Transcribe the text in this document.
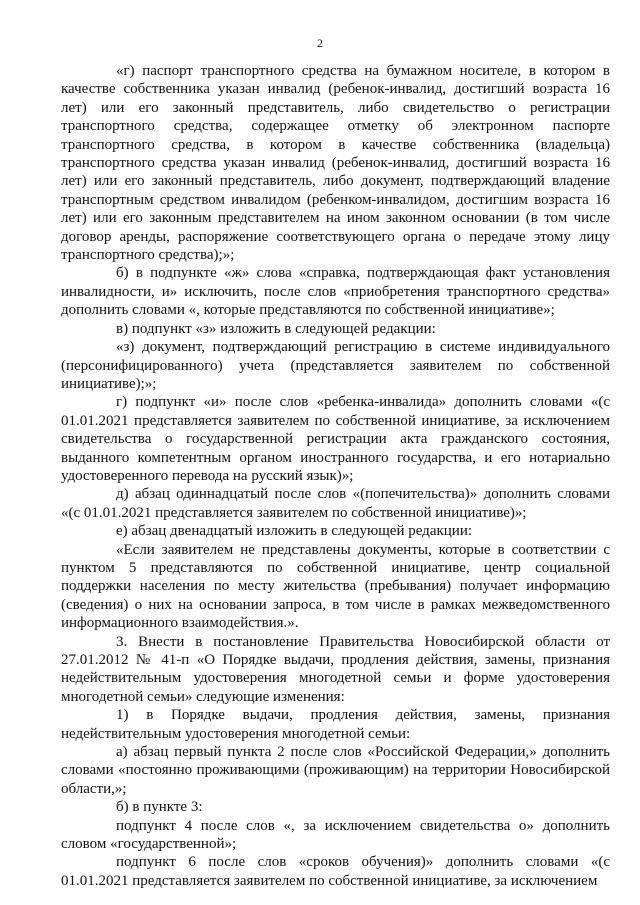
2

«г) паспорт транспортного средства на бумажном носителе, в котором в качестве собственника указан инвалид (ребенок-инвалид, достигший возраста 16 лет) или его законный представитель, либо свидетельство о регистрации транспортного средства, содержащее отметку об электронном паспорте транспортного средства, в котором в качестве собственника (владельца) транспортного средства указан инвалид (ребенок-инвалид, достигший возраста 16 лет) или его законный представитель, либо документ, подтверждающий владение транспортным средством инвалидом (ребенком-инвалидом, достигшим возраста 16 лет) или его законным представителем на ином законном основании (в том числе договор аренды, распоряжение соответствующего органа о передаче этому лицу транспортного средства);»;

б) в подпункте «ж» слова «справка, подтверждающая факт установления инвалидности, и» исключить, после слов «приобретения транспортного средства» дополнить словами «, которые представляются по собственной инициативе»;

в) подпункт «з» изложить в следующей редакции:

«з) документ, подтверждающий регистрацию в системе индивидуального (персонифицированного) учета (представляется заявителем по собственной инициативе);»;

г) подпункт «и» после слов «ребенка-инвалида» дополнить словами «(с 01.01.2021 представляется заявителем по собственной инициативе, за исключением свидетельства о государственной регистрации акта гражданского состояния, выданного компетентным органом иностранного государства, и его нотариально удостоверенного перевода на русский язык)»;

д) абзац одиннадцатый после слов «(попечительства)» дополнить словами «(с 01.01.2021 представляется заявителем по собственной инициативе)»;

е) абзац двенадцатый изложить в следующей редакции:

«Если заявителем не представлены документы, которые в соответствии с пунктом 5 представляются по собственной инициативе, центр социальной поддержки населения по месту жительства (пребывания) получает информацию (сведения) о них на основании запроса, в том числе в рамках межведомственного информационного взаимодействия.».

3. Внести в постановление Правительства Новосибирской области от 27.01.2012 № 41-п «О Порядке выдачи, продления действия, замены, признания недействительным удостоверения многодетной семьи и форме удостоверения многодетной семьи» следующие изменения:

1) в Порядке выдачи, продления действия, замены, признания недействительным удостоверения многодетной семьи:

а) абзац первый пункта 2 после слов «Российской Федерации,» дополнить словами «постоянно проживающими (проживающим) на территории Новосибирской области,»;

б) в пункте 3:

подпункт 4 после слов «, за исключением свидетельства о» дополнить словом «государственной»;

подпункт 6 после слов «сроков обучения)» дополнить словами «(с 01.01.2021 представляется заявителем по собственной инициативе, за исключением
